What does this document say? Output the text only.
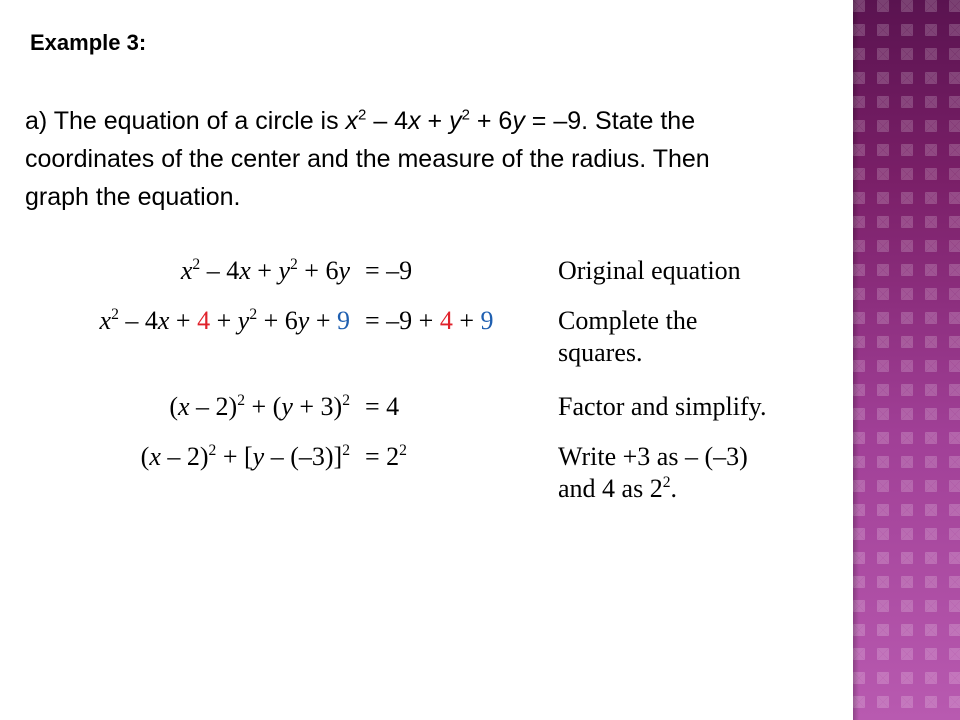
Example 3:
a) The equation of a circle is $x^2 - 4x + y^2 + 6y = -9$. State the
coordinates of the center and the measure of the radius. Then
graph the equation.
$x^2 - 4x + y^2 + 6y = -9$	Original equation
$x^2 - 4x + 4 + y^2 + 6y + 9 = -9 + 4 + 9$ Complete the
squares.
$(x - 2)^2 + (y + 3)^2 = 4$	Factor and simplify.
$(x - 2)^2 + [y - (-3)]^2 = 2^2$	Write +3 as – (–3)
and 4 as $2^2$.
